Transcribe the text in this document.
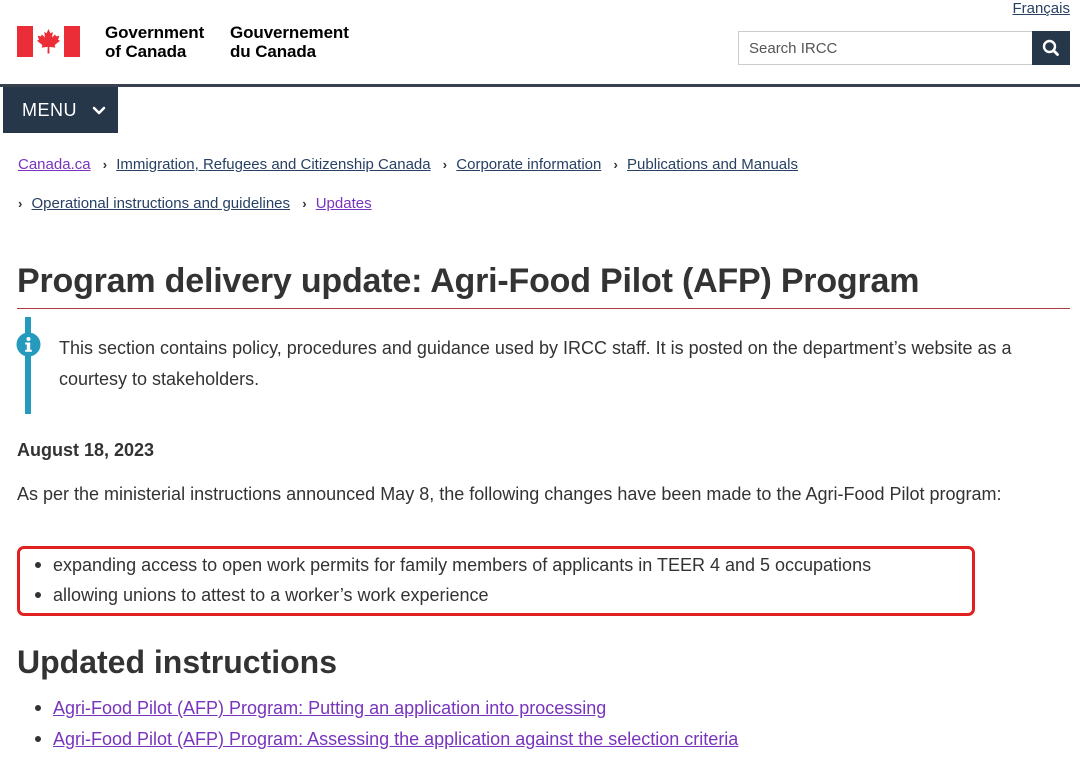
Français
Government
of Canada
Gouvernement
du Canada
Search IRCC
MENU
Canada.ca › Immigration, Refugees and Citizenship Canada › Corporate information › Publications and Manuals
› Operational instructions and guidelines › Updates
Program delivery update: Agri-Food Pilot (AFP) Program

This section contains policy, procedures and guidance used by IRCC staff. It is posted on the department’s website as a courtesy to stakeholders.

August 18, 2023

As per the ministerial instructions announced May 8, the following changes have been made to the Agri-Food Pilot program:

expanding access to open work permits for family members of applicants in TEER 4 and 5 occupations
allowing unions to attest to a worker’s work experience
Updated instructions
Agri-Food Pilot (AFP) Program: Putting an application into processing
Agri-Food Pilot (AFP) Program: Assessing the application against the selection criteria
